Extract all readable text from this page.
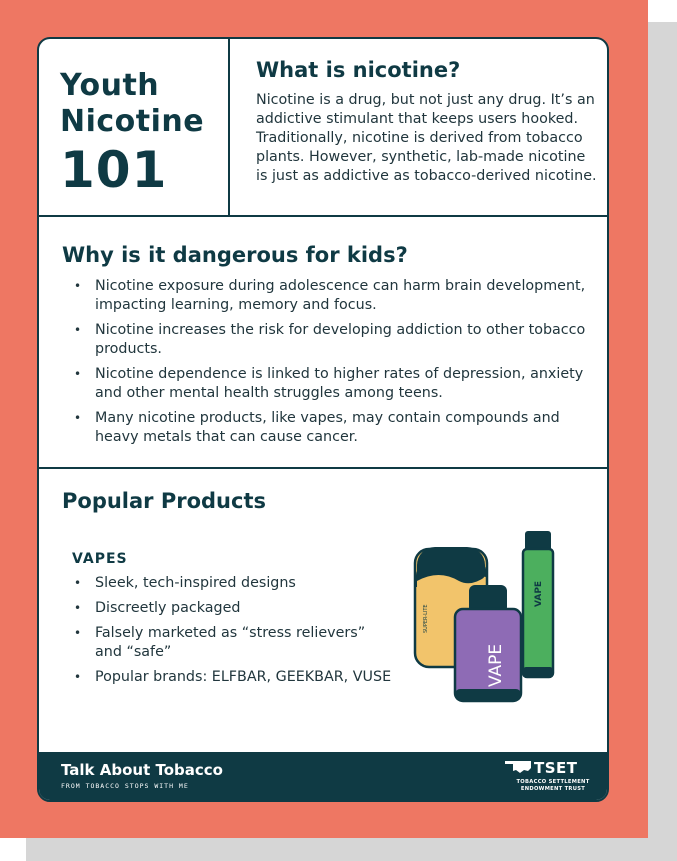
Youth
Nicotine
101
What is nicotine?

Nicotine is a drug, but not just any drug. It’s an addictive stimulant that keeps users hooked. Traditionally, nicotine is derived from tobacco plants. However, synthetic, lab-made nicotine is just as addictive as tobacco-derived nicotine.

Why is it dangerous for kids?
• Nicotine exposure during adolescence can harm brain development, impacting learning, memory and focus.
• Nicotine increases the risk for developing addiction to other tobacco products.
• Nicotine dependence is linked to higher rates of depression, anxiety and other mental health struggles among teens.
• Many nicotine products, like vapes, may contain compounds and heavy metals that can cause cancer.
Popular Products
VAPES
• Sleek, tech-inspired designs
• Discreetly packaged
• Falsely marketed as “stress relievers” and “safe”
• Popular brands: ELFBAR, GEEKBAR, VUSE
SUPER-LITE
VAPE
VAPE
Talk About Tobacco
FROM TOBACCO STOPS WITH ME
TSET
TOBACCO SETTLEMENT ENDOWMENT TRUST
